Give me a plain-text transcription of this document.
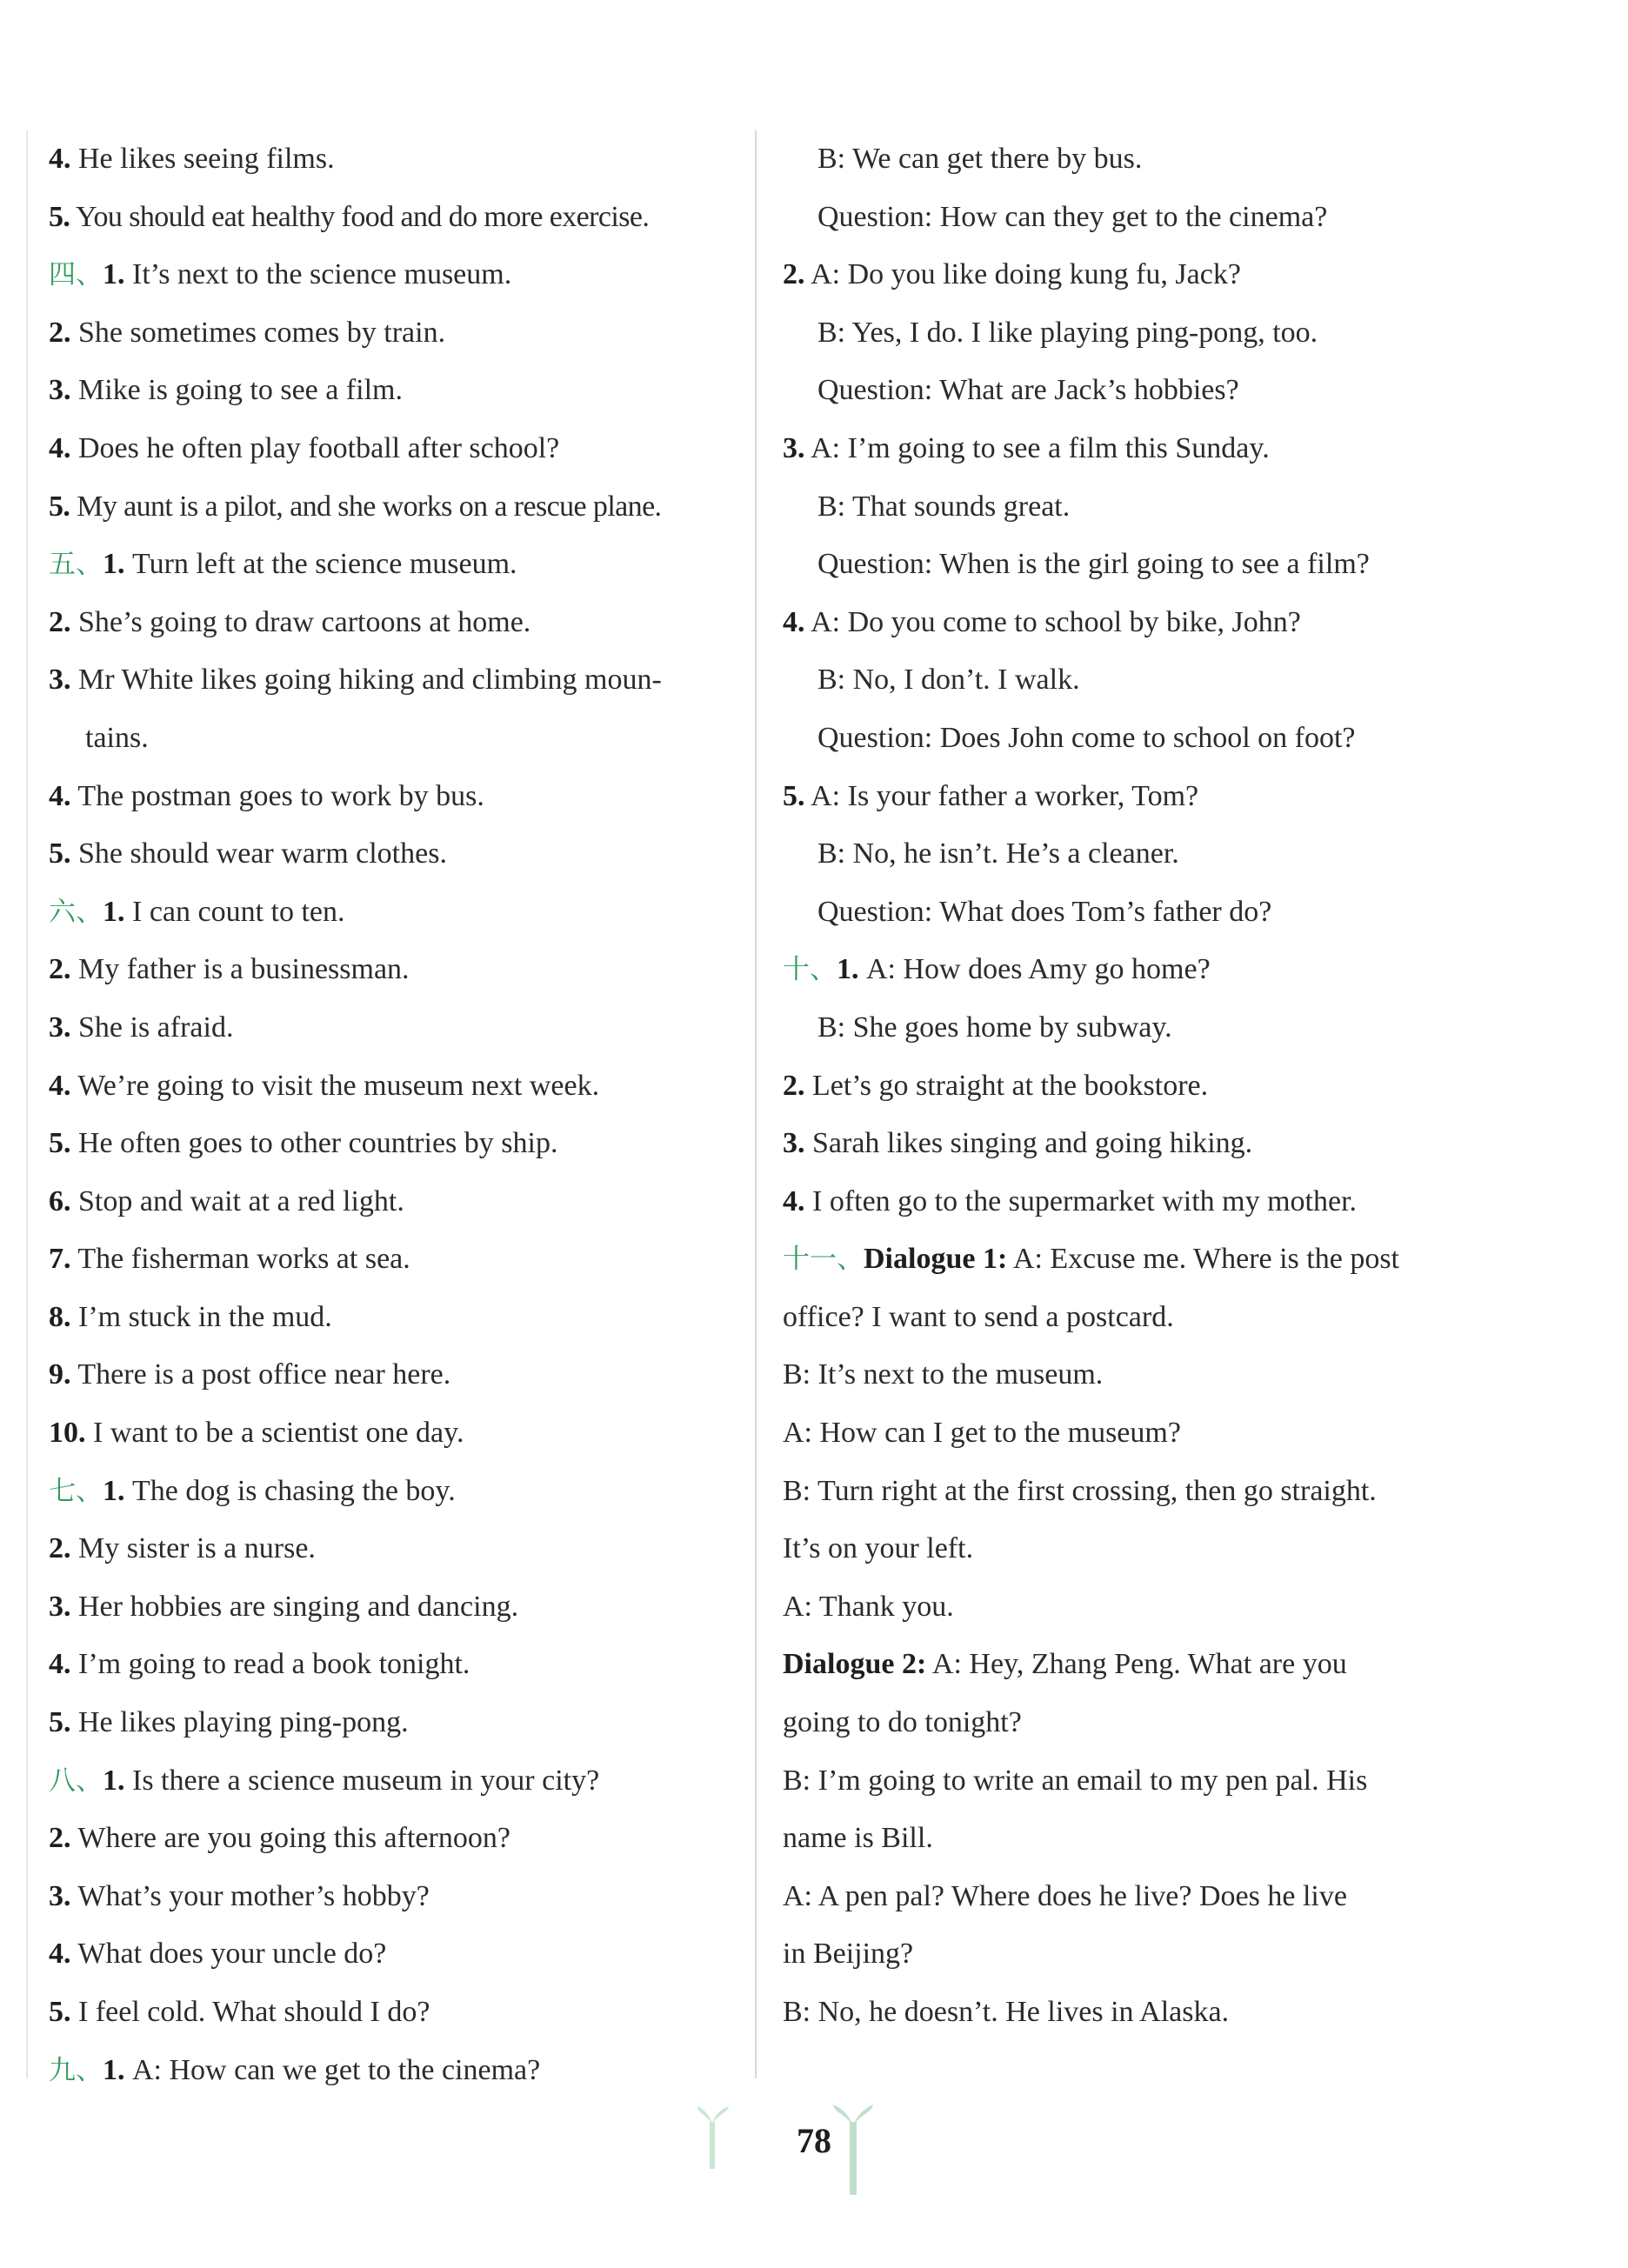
4. He likes seeing films.
5. You should eat healthy food and do more exercise.
四、1. It’s next to the science museum.
2. She sometimes comes by train.
3. Mike is going to see a film.
4. Does he often play football after school?
5. My aunt is a pilot, and she works on a rescue plane.
五、1. Turn left at the science museum.
2. She’s going to draw cartoons at home.
3. Mr White likes going hiking and climbing moun-
tains.
4. The postman goes to work by bus.
5. She should wear warm clothes.
六、1. I can count to ten.
2. My father is a businessman.
3. She is afraid.
4. We’re going to visit the museum next week.
5. He often goes to other countries by ship.
6. Stop and wait at a red light.
7. The fisherman works at sea.
8. I’m stuck in the mud.
9. There is a post office near here.
10. I want to be a scientist one day.
七、1. The dog is chasing the boy.
2. My sister is a nurse.
3. Her hobbies are singing and dancing.
4. I’m going to read a book tonight.
5. He likes playing ping-pong.
八、1. Is there a science museum in your city?
2. Where are you going this afternoon?
3. What’s your mother’s hobby?
4. What does your uncle do?
5. I feel cold. What should I do?
九、1. A: How can we get to the cinema?
B: We can get there by bus.
Question: How can they get to the cinema?
2. A: Do you like doing kung fu, Jack?
B: Yes, I do. I like playing ping-pong, too.
Question: What are Jack’s hobbies?
3. A: I’m going to see a film this Sunday.
B: That sounds great.
Question: When is the girl going to see a film?
4. A: Do you come to school by bike, John?
B: No, I don’t. I walk.
Question: Does John come to school on foot?
5. A: Is your father a worker, Tom?
B: No, he isn’t. He’s a cleaner.
Question: What does Tom’s father do?
十、1. A: How does Amy go home?
B: She goes home by subway.
2. Let’s go straight at the bookstore.
3. Sarah likes singing and going hiking.
4. I often go to the supermarket with my mother.
十一、Dialogue 1: A: Excuse me. Where is the post
office? I want to send a postcard.
B: It’s next to the museum.
A: How can I get to the museum?
B: Turn right at the first crossing, then go straight.
It’s on your left.
A: Thank you.
Dialogue 2: A: Hey, Zhang Peng. What are you
going to do tonight?
B: I’m going to write an email to my pen pal. His
name is Bill.
A: A pen pal? Where does he live? Does he live
in Beijing?
B: No, he doesn’t. He lives in Alaska.
78
